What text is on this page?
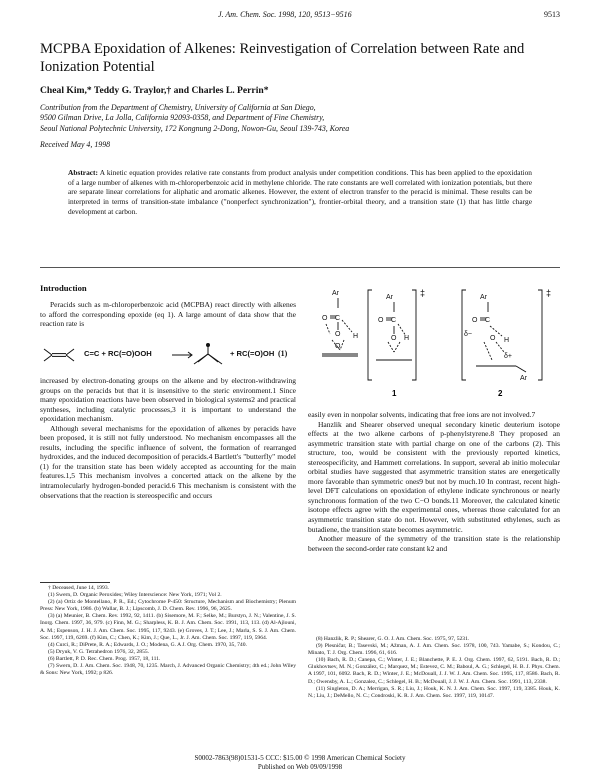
J. Am. Chem. Soc. 1998, 120, 9513−9516	9513
MCPBA Epoxidation of Alkenes: Reinvestigation of Correlation between Rate and Ionization Potential
Cheal Kim,* Teddy G. Traylor,† and Charles L. Perrin*
Contribution from the Department of Chemistry, University of California at San Diego,
9500 Gilman Drive, La Jolla, California 92093-0358, and Department of Fine Chemistry,
Seoul National Polytechnic University, 172 Kongnung 2-Dong, Nowon-Gu, Seoul 139-743, Korea
Received May 4, 1998
Abstract: A kinetic equation provides relative rate constants from product analysis under competition conditions. This has been applied to the epoxidation of a large number of alkenes with m-chloroperbenzoic acid in methylene chloride. The rate constants are well correlated with ionization potentials, but there are separate linear correlations for aliphatic and aromatic alkenes. However, the extent of electron transfer to the peracid is minimal. These results can be interpreted in terms of transition-state imbalance ("nonperfect synchronization"), frontier-orbital theory, and a transition state (1) that has little charge development at carbon.
Introduction

Peracids such as m-chloroperbenzoic acid (MCPBA) react directly with alkenes to afford the corresponding epoxide (eq 1). A large amount of data show that the reaction rate is

C=C + RC(=O)OOH	+ RC(=O)OH (1)

increased by electron-donating groups on the alkene and by electron-withdrawing groups on the peracids but that it is insensitive to the steric environment.1 Since many epoxidation reactions have been observed in biological systems2 and practical syntheses, including catalytic processes,3 it is important to understand the epoxidation mechanism.

Although several mechanisms for the epoxidation of alkenes by peracids have been proposed, it is still not fully understood. No mechanism encompasses all the results, including the specific influence of solvent, the formation of rearranged hydroxides, and the induced decomposition of peracids.4 Bartlett's "butterfly" model (1) for the transition state has been widely accepted as accounting for the main features.1,5 This mechanism involves a concerted attack on the alkene by the intramolecularly hydrogen-bonded peracid.6 This mechanism is consistent with the observations that the reaction is stereospecific and occurs

† Deceased, June 14, 1993.
(1) Swern, D. Organic Peroxides; Wiley Interscience: New York, 1971; Vol 2.
(2) (a) Ortiz de Montellano, P. R., Ed.; Cytochrome P-450: Structure, Mechanism and Biochemistry; Plenum Press: New York, 1986. (b) Wallar, B. J.; Lipscomb, J. D. Chem. Rev. 1996, 96, 2625.
(3) (a) Meunier, B. Chem. Rev. 1992, 92, 1411. (b) Sisemore, M. F.; Selke, M.; Burstyn, J. N.; Valentine, J. S. Inorg. Chem. 1997, 36, 979. (c) Finn, M. G.; Sharpless, K. B. J. Am. Chem. Soc. 1991, 113, 113. (d) Al-Ajlouni, A. M.; Espenson, J. H. J. Am. Chem. Soc. 1995, 117, 9243. (e) Groves, J. T.; Lee, J.; Marla, S. S. J. Am. Chem. Soc. 1997, 119, 6269. (f) Kim, C.; Chen, K.; Kim, J.; Que, L., Jr. J. Am. Chem. Soc. 1997, 119, 5964.
(4) Curci, R.; DiPrete, R. A.; Edwards, J. O.; Modena, G. A J. Org. Chem. 1970, 35, 740.
(5) Dryuk, V. G. Tetrahedron 1976, 32, 2855.
(6) Bartlett, P. D. Rec. Chem. Prog. 1957, 18, 111.
(7) Swern, D. J. Am. Chem. Soc. 1948, 70, 1235. March, J. Advanced Organic Chemistry; 4th ed.; John Wiley & Sons: New York, 1992; p 826.
Ar
C
O
O H
O
Ar
C
O
O H
Ar
C
O
O H
δ+
δ−
Ar
‡	‡
1	2

easily even in nonpolar solvents, indicating that free ions are not involved.7

Hanzlik and Shearer observed unequal secondary kinetic deuterium isotope effects at the two alkene carbons of p-phenylstyrene.8 They proposed an asymmetric transition state with partial charge on one of the carbons (2). This structure, too, would be consistent with the previously reported kinetics, stereospecificity, and Hammett correlations. In support, several ab initio molecular orbital studies have suggested that asymmetric transition states are energetically more favorable than symmetric ones9 but not by much.10 In contrast, recent high-level DFT calculations on epoxidation of ethylene indicate synchronous or nearly synchronous formation of the two C−O bonds.11 Moreover, the calculated kinetic isotope effects agree with the experimental ones, whereas those calculated for an asymmetric transition state do not. However, with substituted ethylenes, such as butadiene, the transition state becomes asymmetric.

Another measure of the symmetry of the transition state is the relationship between the second-order rate constant k2 and

(8) Hanzlik, R. P.; Shearer, G. O. J. Am. Chem. Soc. 1975, 97, 5231.
(9) Plesničar, B.; Tasevski, M.; Ažman, A. J. Am. Chem. Soc. 1978, 100, 743. Yamabe, S.; Kondou, C.; Minato, T. J. Org. Chem. 1996, 61, 616.
(10) Bach, R. D.; Canepa, C.; Winter, J. E.; Blanchette, P. E. J. Org. Chem. 1997, 62, 5191. Bach, R. D.; Glukhovtsev, M. N.; González, C.; Marquez, M.; Estevez, C. M.; Baboul, A. G.; Schlegel, H. B. J. Phys. Chem. A 1997, 101, 6092. Bach, R. D.; Winter, J. E.; McDouall, J. J. W. J. Am. Chem. Soc. 1995, 117, 8586. Bach, R. D.; Owensby, A. L.; Gonzalez, C.; Schlegel, H. B.; McDouall, J. J. W. J. Am. Chem. Soc. 1991, 113, 2338.
(11) Singleton, D. A.; Merrigan, S. R.; Liu, J.; Houk, K. N. J. Am. Chem. Soc. 1997, 119, 3385. Houk, K. N.; Liu, J.; DeMello, N. C.; Condroski, K. R. J. Am. Chem. Soc. 1997, 119, 10147.
S0002-7863(98)01531-5 CCC: $15.00 © 1998 American Chemical Society
Published on Web 09/09/1998
